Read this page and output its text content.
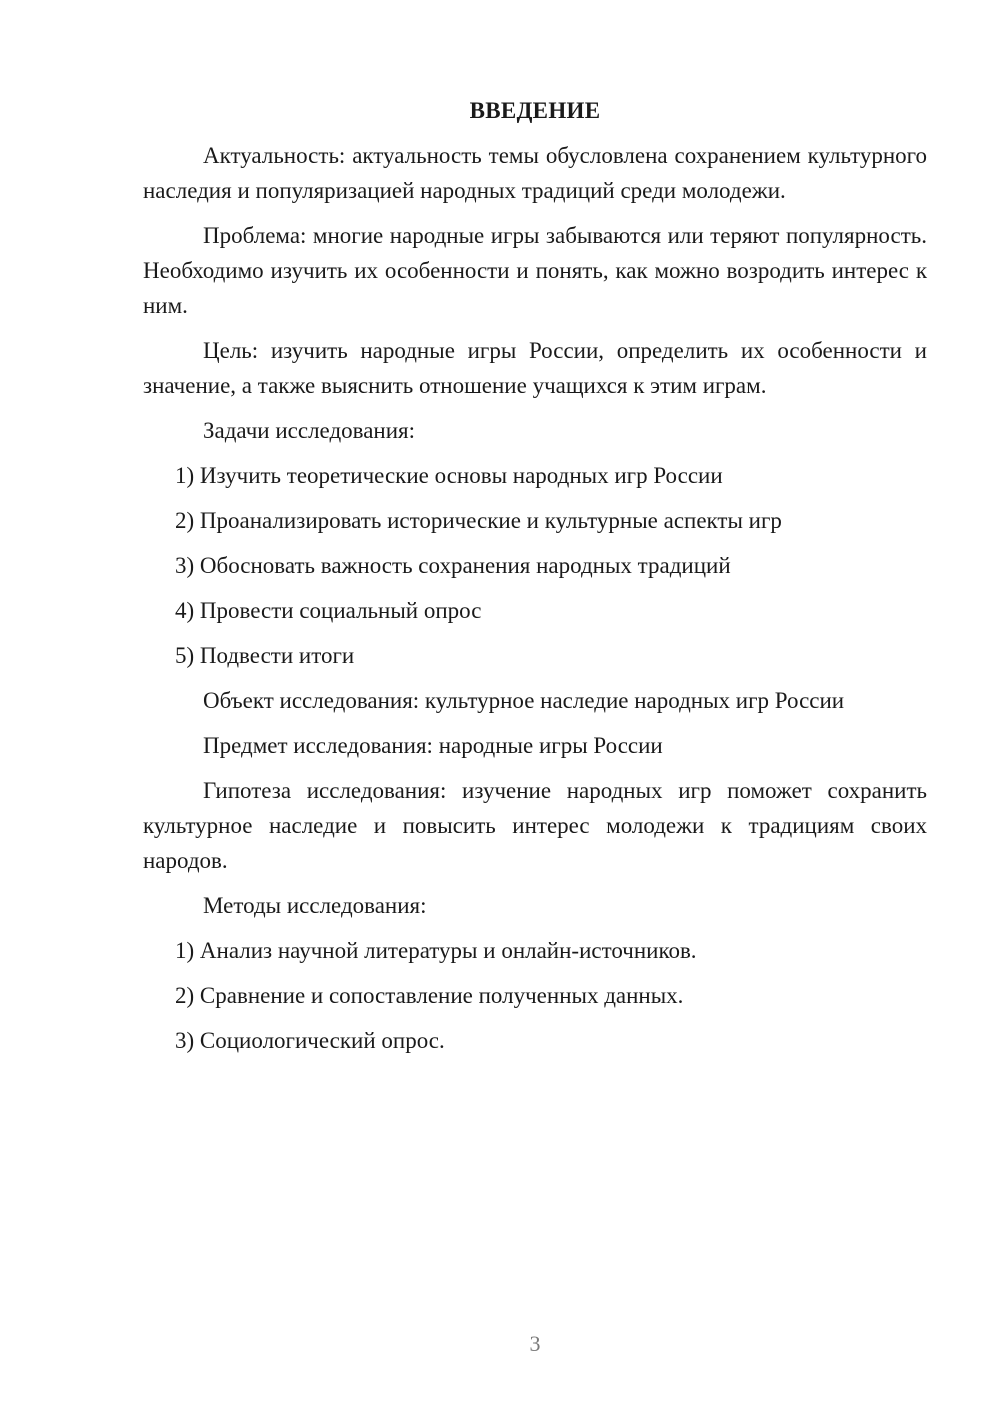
ВВЕДЕНИЕ

Актуальность: актуальность темы обусловлена сохранением культурного наследия и популяризацией народных традиций среди молодежи.

Проблема: многие народные игры забываются или теряют популярность. Необходимо изучить их особенности и понять, как можно возродить интерес к ним.

Цель: изучить народные игры России, определить их особенности и значение, а также выяснить отношение учащихся к этим играм.

Задачи исследования:

1) Изучить теоретические основы народных игр России

2) Проанализировать исторические и культурные аспекты игр

3) Обосновать важность сохранения народных традиций

4) Провести социальный опрос

5) Подвести итоги

Объект исследования: культурное наследие народных игр России

Предмет исследования: народные игры России

Гипотеза исследования: изучение народных игр поможет сохранить культурное наследие и повысить интерес молодежи к традициям своих народов.

Методы исследования:

1) Анализ научной литературы и онлайн-источников.

2) Сравнение и сопоставление полученных данных.

3) Социологический опрос.

3
